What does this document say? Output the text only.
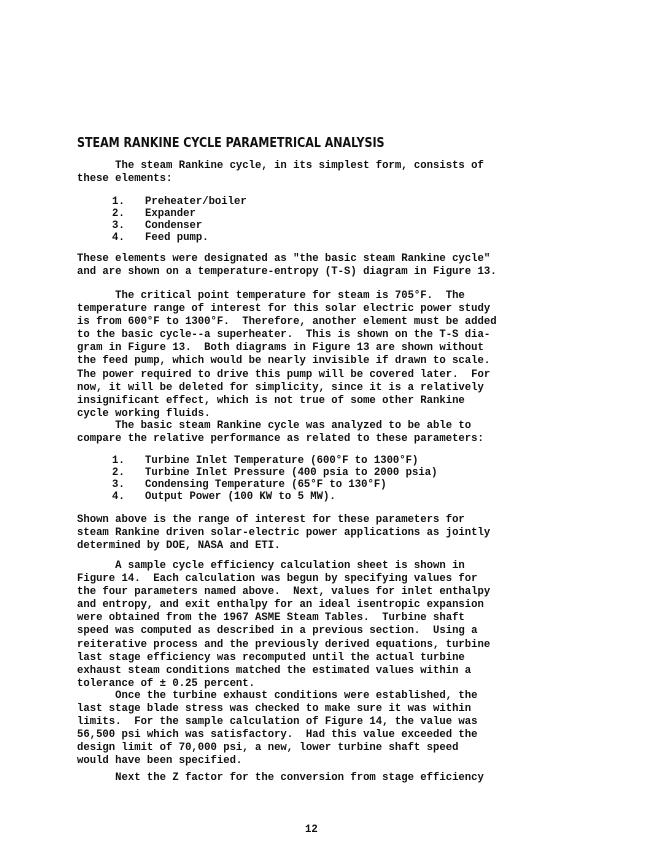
STEAM RANKINE CYCLE PARAMETRICAL ANALYSIS

The steam Rankine cycle, in its simplest form, consists of
these elements:

1. Preheater/boiler
2. Expander
3. Condenser
4. Feed pump.

These elements were designated as "the basic steam Rankine cycle"
and are shown on a temperature-entropy (T-S) diagram in Figure 13.

The critical point temperature for steam is 705°F.  The
temperature range of interest for this solar electric power study
is from 600°F to 1300°F.  Therefore, another element must be added
to the basic cycle--a superheater.  This is shown on the T-S dia-
gram in Figure 13.  Both diagrams in Figure 13 are shown without
the feed pump, which would be nearly invisible if drawn to scale.
The power required to drive this pump will be covered later.  For
now, it will be deleted for simplicity, since it is a relatively
insignificant effect, which is not true of some other Rankine
cycle working fluids.

The basic steam Rankine cycle was analyzed to be able to
compare the relative performance as related to these parameters:

1. Turbine Inlet Temperature (600°F to 1300°F)
2. Turbine Inlet Pressure (400 psia to 2000 psia)
3. Condensing Temperature (65°F to 130°F)
4. Output Power (100 KW to 5 MW).

Shown above is the range of interest for these parameters for
steam Rankine driven solar-electric power applications as jointly
determined by DOE, NASA and ETI.

A sample cycle efficiency calculation sheet is shown in
Figure 14.  Each calculation was begun by specifying values for
the four parameters named above.  Next, values for inlet enthalpy
and entropy, and exit enthalpy for an ideal isentropic expansion
were obtained from the 1967 ASME Steam Tables.  Turbine shaft
speed was computed as described in a previous section.  Using a
reiterative process and the previously derived equations, turbine
last stage efficiency was recomputed until the actual turbine
exhaust steam conditions matched the estimated values within a
tolerance of ± 0.25 percent.

Once the turbine exhaust conditions were established, the
last stage blade stress was checked to make sure it was within
limits.  For the sample calculation of Figure 14, the value was
56,500 psi which was satisfactory.  Had this value exceeded the
design limit of 70,000 psi, a new, lower turbine shaft speed
would have been specified.

Next the Z factor for the conversion from stage efficiency

12
